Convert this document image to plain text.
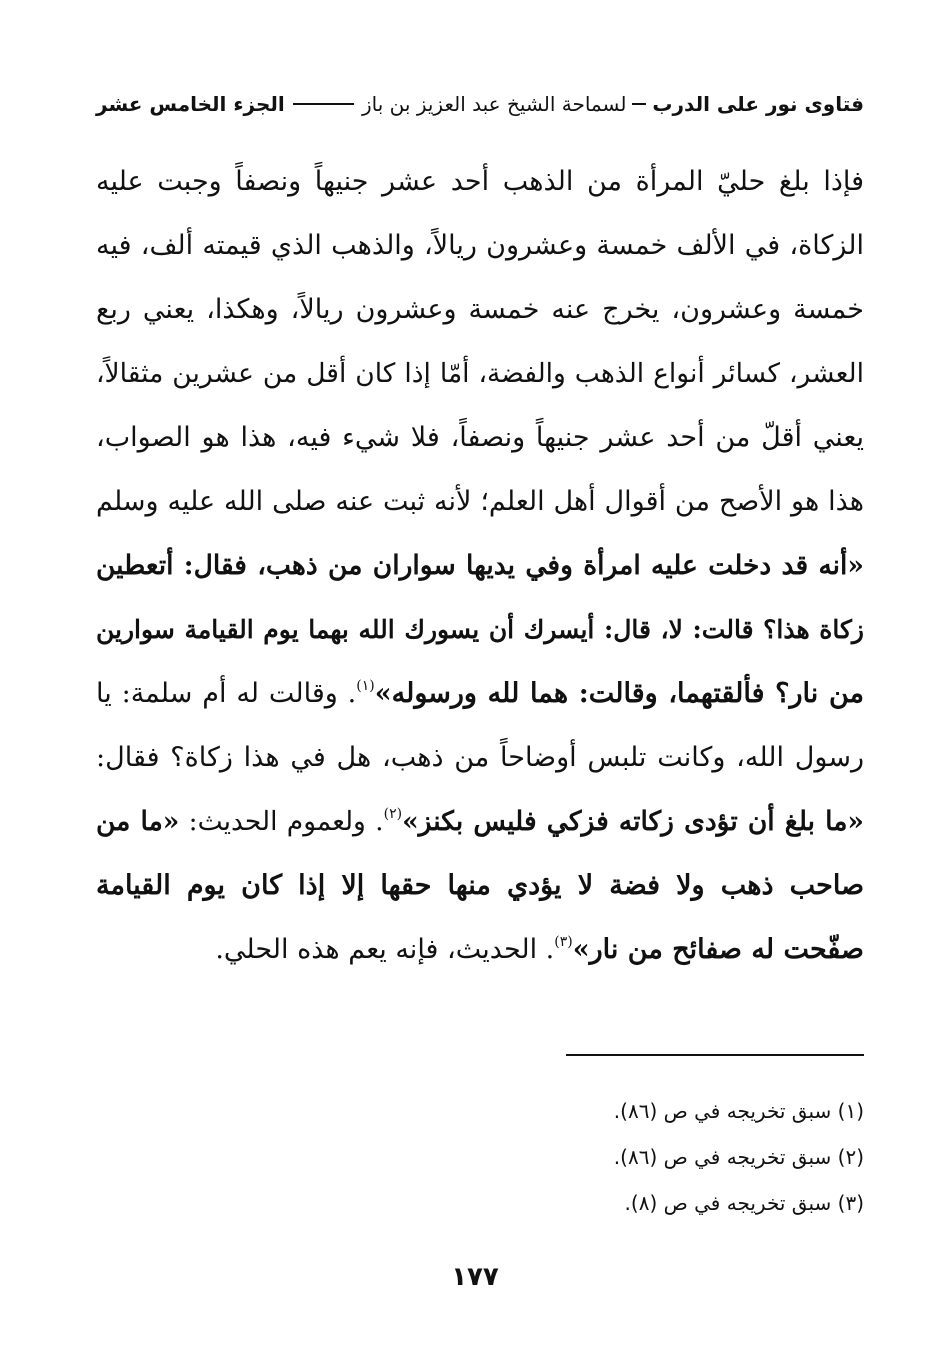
فتاوى نور على الدرب
لسماحة الشيخ عبد العزيز بن باز
الجزء الخامس عشر
فإذا بلغ حليّ المرأة من الذهب أحد عشر جنيهاً ونصفاً وجبت عليه
الزكاة، في الألف خمسة وعشرون ريالاً، والذهب الذي قيمته ألف، فيه
خمسة وعشرون، يخرج عنه خمسة وعشرون ريالاً، وهكذا، يعني ربع
العشر، كسائر أنواع الذهب والفضة، أمّا إذا كان أقل من عشرين مثقالاً،
يعني أقلّ من أحد عشر جنيهاً ونصفاً، فلا شيء فيه، هذا هو الصواب،
هذا هو الأصح من أقوال أهل العلم؛ لأنه ثبت عنه صلى الله عليه وسلم
«أنه قد دخلت عليه امرأة وفي يديها سواران من ذهب، فقال: أتعطين
زكاة هذا؟ قالت: لا، قال: أيسرك أن يسورك الله بهما يوم القيامة سوارين
من نار؟ فألقتهما، وقالت: هما لله ورسوله»$^{(١)}$. وقالت له أم سلمة: يا
رسول الله، وكانت تلبس أوضاحاً من ذهب، هل في هذا زكاة؟ فقال:
«ما بلغ أن تؤدى زكاته فزكي فليس بكنز»$^{(٢)}$. ولعموم الحديث: «ما من
صاحب ذهب ولا فضة لا يؤدي منها حقها إلا إذا كان يوم القيامة
صفّحت له صفائح من نار»$^{(٣)}$. الحديث، فإنه يعم هذه الحلي.
(١) سبق تخريجه في ص (٨٦).
(٢) سبق تخريجه في ص (٨٦).
(٣) سبق تخريجه في ص (٨).
١٧٧
